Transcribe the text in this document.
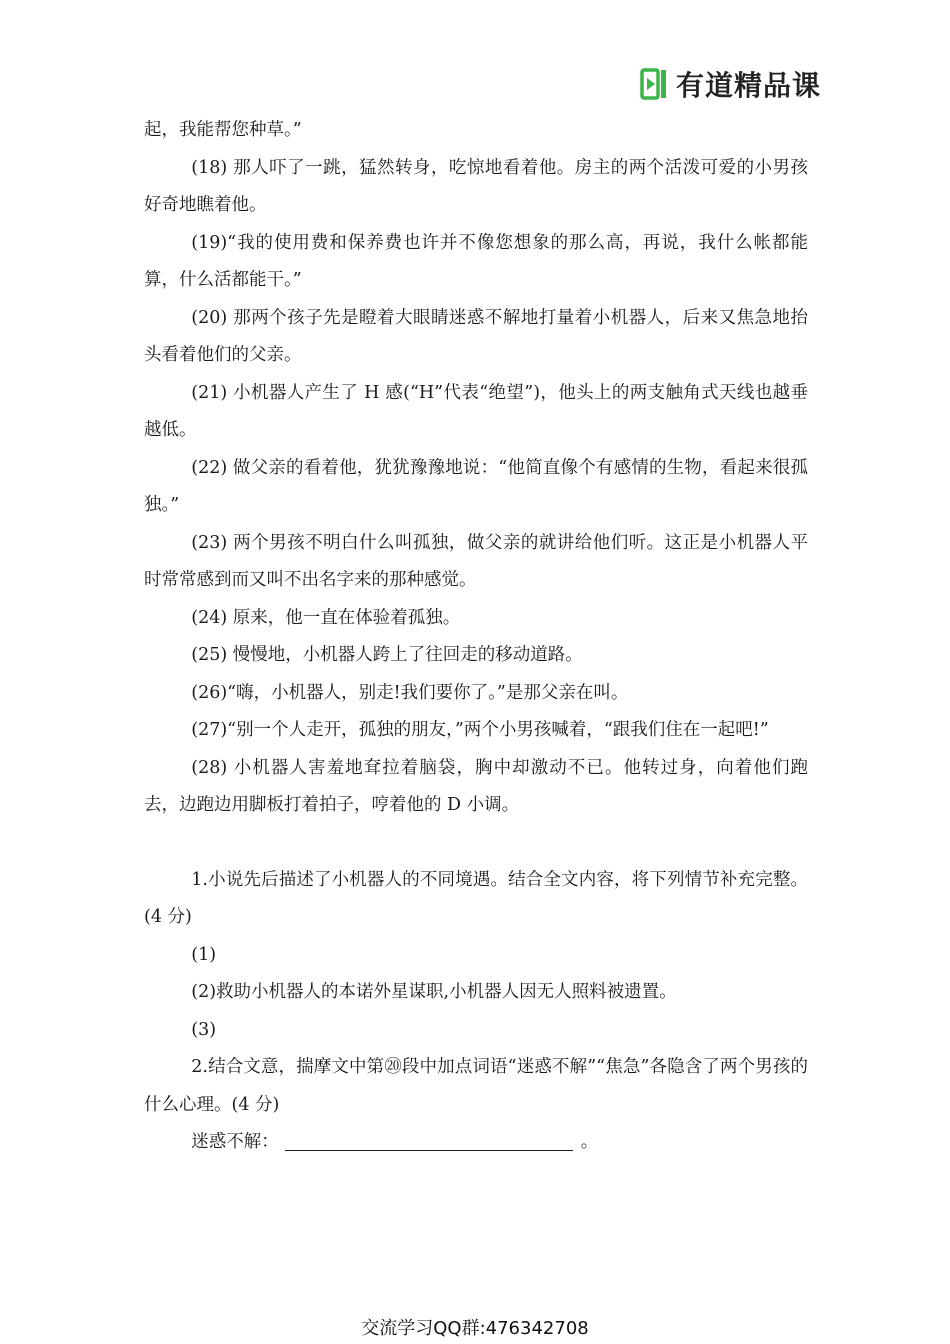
有道精品课

起，我能帮您种草。”

(18) 那人吓了一跳，猛然转身，吃惊地看着他。房主的两个活泼可爱的小男孩好奇地瞧着他。

(19)“我的使用费和保养费也许并不像您想象的那么高，再说，我什么帐都能算，什么活都能干。”

(20) 那两个孩子先是瞪着大眼睛迷惑不解地打量着小机器人，后来又焦急地抬头看着他们的父亲。

(21) 小机器人产生了 H 感(“H”代表“绝望”)，他头上的两支触角式天线也越垂越低。

(22) 做父亲的看着他，犹犹豫豫地说：“他简直像个有感情的生物，看起来很孤独。”

(23) 两个男孩不明白什么叫孤独，做父亲的就讲给他们听。这正是小机器人平时常常感到而又叫不出名字来的那种感觉。

(24) 原来，他一直在体验着孤独。

(25) 慢慢地，小机器人跨上了往回走的移动道路。

(26)“嗨，小机器人，别走!我们要你了。”是那父亲在叫。

(27)“别一个人走开，孤独的朋友，”两个小男孩喊着，“跟我们住在一起吧!”

(28) 小机器人害羞地耷拉着脑袋，胸中却激动不已。他转过身，向着他们跑去，边跑边用脚板打着拍子，哼着他的 D 小调。

1.小说先后描述了小机器人的不同境遇。结合全文内容，将下列情节补充完整。(4 分)

(1)

(2)救助小机器人的本诺外星谋职,小机器人因无人照料被遗置。

(3)

2.结合文意，揣摩文中第⑳段中加点词语“迷惑不解”“焦急”各隐含了两个男孩的什么心理。(4 分)

迷惑不解：	。

交流学习QQ群:476342708
